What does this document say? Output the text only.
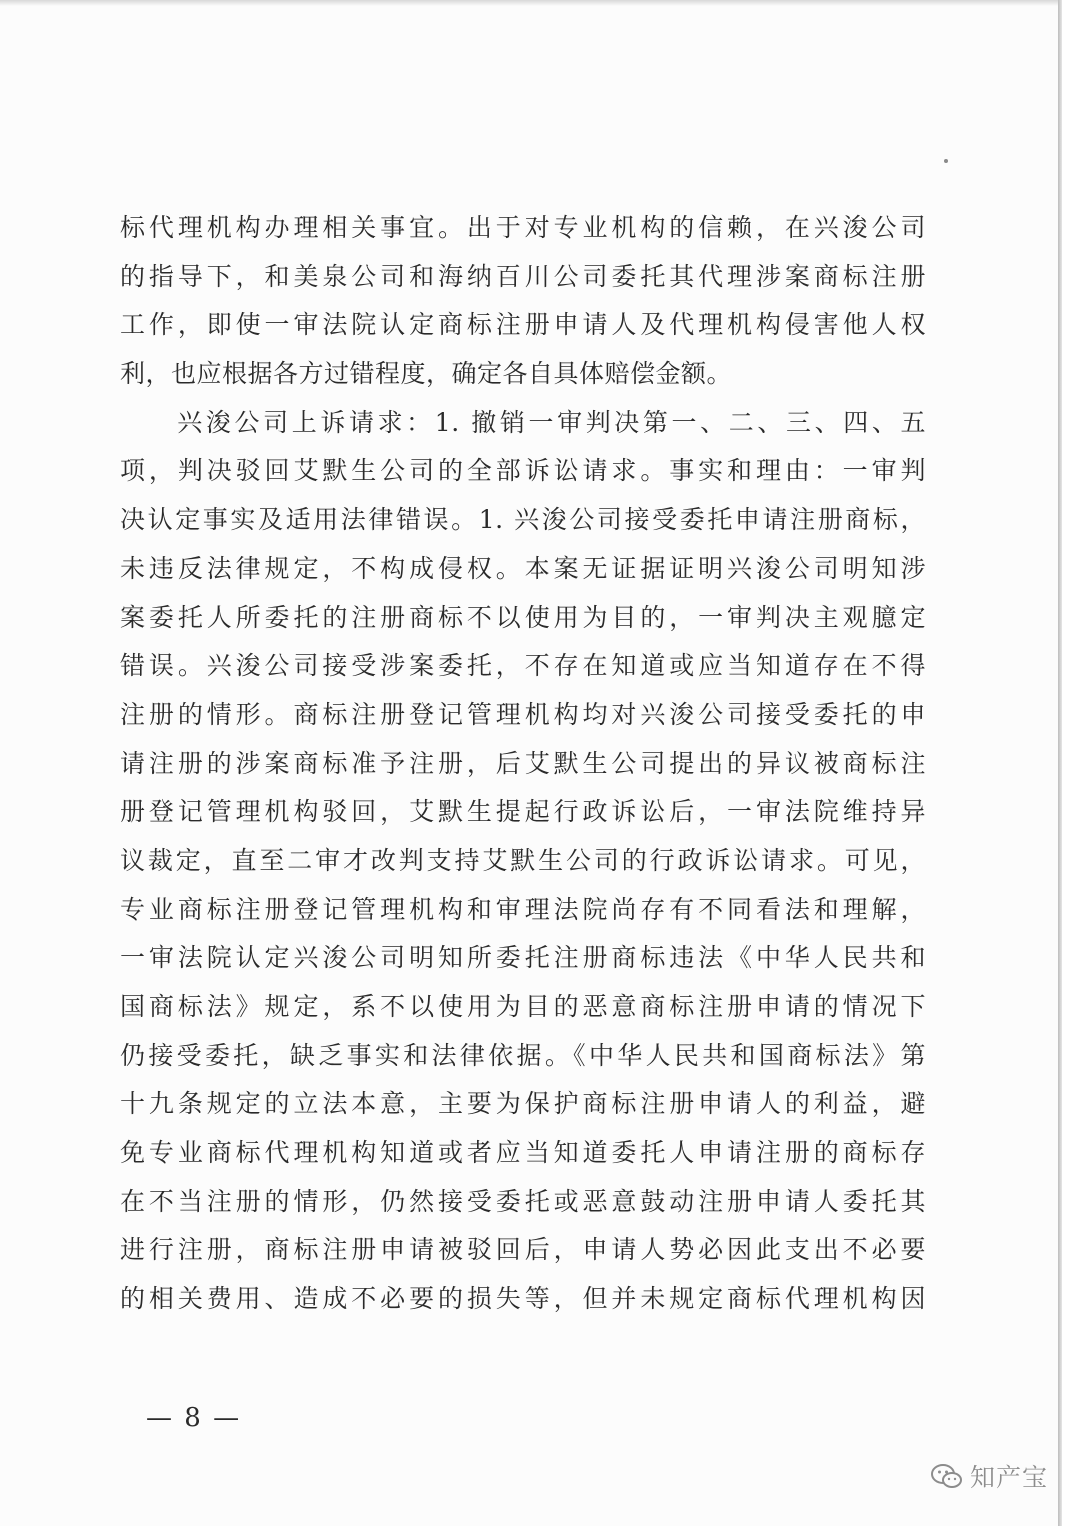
标代理机构办理相关事宜。出于对专业机构的信赖，在兴浚公司
的指导下，和美泉公司和海纳百川公司委托其代理涉案商标注册
工作，即使一审法院认定商标注册申请人及代理机构侵害他人权
利，也应根据各方过错程度，确定各自具体赔偿金额。
　　兴浚公司上诉请求：1. 撤销一审判决第一、二、三、四、五
项，判决驳回艾默生公司的全部诉讼请求。事实和理由：一审判
决认定事实及适用法律错误。1. 兴浚公司接受委托申请注册商标，
未违反法律规定，不构成侵权。本案无证据证明兴浚公司明知涉
案委托人所委托的注册商标不以使用为目的，一审判决主观臆定
错误。兴浚公司接受涉案委托，不存在知道或应当知道存在不得
注册的情形。商标注册登记管理机构均对兴浚公司接受委托的申
请注册的涉案商标准予注册，后艾默生公司提出的异议被商标注
册登记管理机构驳回，艾默生提起行政诉讼后，一审法院维持异
议裁定，直至二审才改判支持艾默生公司的行政诉讼请求。可见，
专业商标注册登记管理机构和审理法院尚存有不同看法和理解，
一审法院认定兴浚公司明知所委托注册商标违法《中华人民共和
国商标法》规定，系不以使用为目的恶意商标注册申请的情况下
仍接受委托，缺乏事实和法律依据。《中华人民共和国商标法》第
十九条规定的立法本意，主要为保护商标注册申请人的利益，避
免专业商标代理机构知道或者应当知道委托人申请注册的商标存
在不当注册的情形，仍然接受委托或恶意鼓动注册申请人委托其
进行注册，商标注册申请被驳回后，申请人势必因此支出不必要
的相关费用、造成不必要的损失等，但并未规定商标代理机构因
— 8 —
知产宝
